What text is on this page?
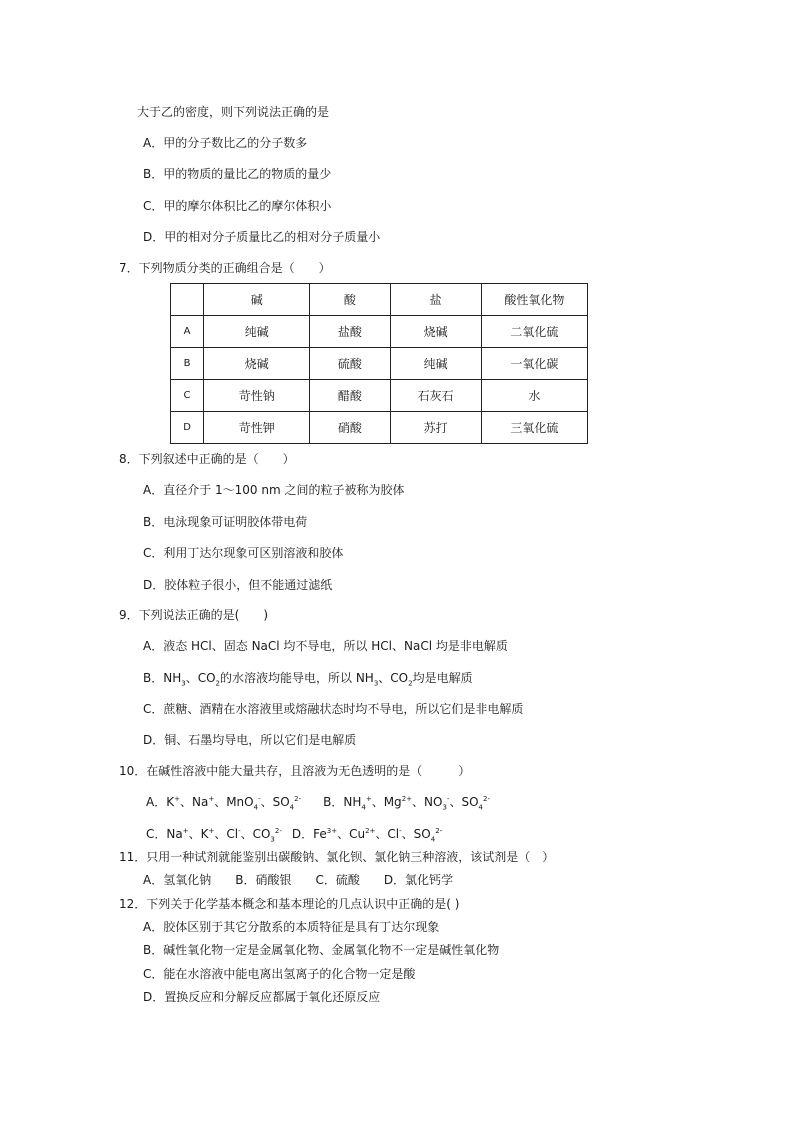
大于乙的密度，则下列说法正确的是
A．甲的分子数比乙的分子数多
B．甲的物质的量比乙的物质的量少
C．甲的摩尔体积比乙的摩尔体积小
D．甲的相对分子质量比乙的相对分子质量小
7．下列物质分类的正确组合是（　　）
	碱	酸	盐	酸性氧化物
A	纯碱	盐酸	烧碱	二氧化硫
B	烧碱	硫酸	纯碱	一氧化碳
C	苛性钠	醋酸	石灰石	水
D	苛性钾	硝酸	苏打	三氧化硫
8．下列叙述中正确的是（　　）
A．直径介于 1～100 nm 之间的粒子被称为胶体
B．电泳现象可证明胶体带电荷
C．利用丁达尔现象可区别溶液和胶体
D．胶体粒子很小，但不能通过滤纸
9．下列说法正确的是(　　)
A．液态 HCl、固态 NaCl 均不导电，所以 HCl、NaCl 均是非电解质
B．$NH_3$、$CO_2$的水溶液均能导电，所以 $NH_3$、$CO_2$均是电解质
C．蔗糖、酒精在水溶液里或熔融状态时均不导电，所以它们是非电解质
D．铜、石墨均导电，所以它们是电解质
10．在碱性溶液中能大量共存，且溶液为无色透明的是（　　　）
A．K+、Na+、MnO$_4$-、$SO_4^{2-}$ B．$NH_4^+$、$Mg^{2+}$、$NO_3^-$、$SO_4^{2-}$
C．Na+、K+、Cl-、$CO_3^{2-}$ D．$Fe^{3+}$、$Cu^{2+}$、Cl-、$SO_4^{2-}$
11．只用一种试剂就能鉴别出碳酸钠、氯化钡、氯化钠三种溶液，该试剂是（　）
A．氢氧化钠　　B．硝酸银　　C．硫酸　　D．氯化钙学
12．下列关于化学基本概念和基本理论的几点认识中正确的是( )
A．胶体区别于其它分散系的本质特征是具有丁达尔现象
B．碱性氧化物一定是金属氧化物、金属氧化物不一定是碱性氧化物
C．能在水溶液中能电离出氢离子的化合物一定是酸
D．置换反应和分解反应都属于氧化还原反应
